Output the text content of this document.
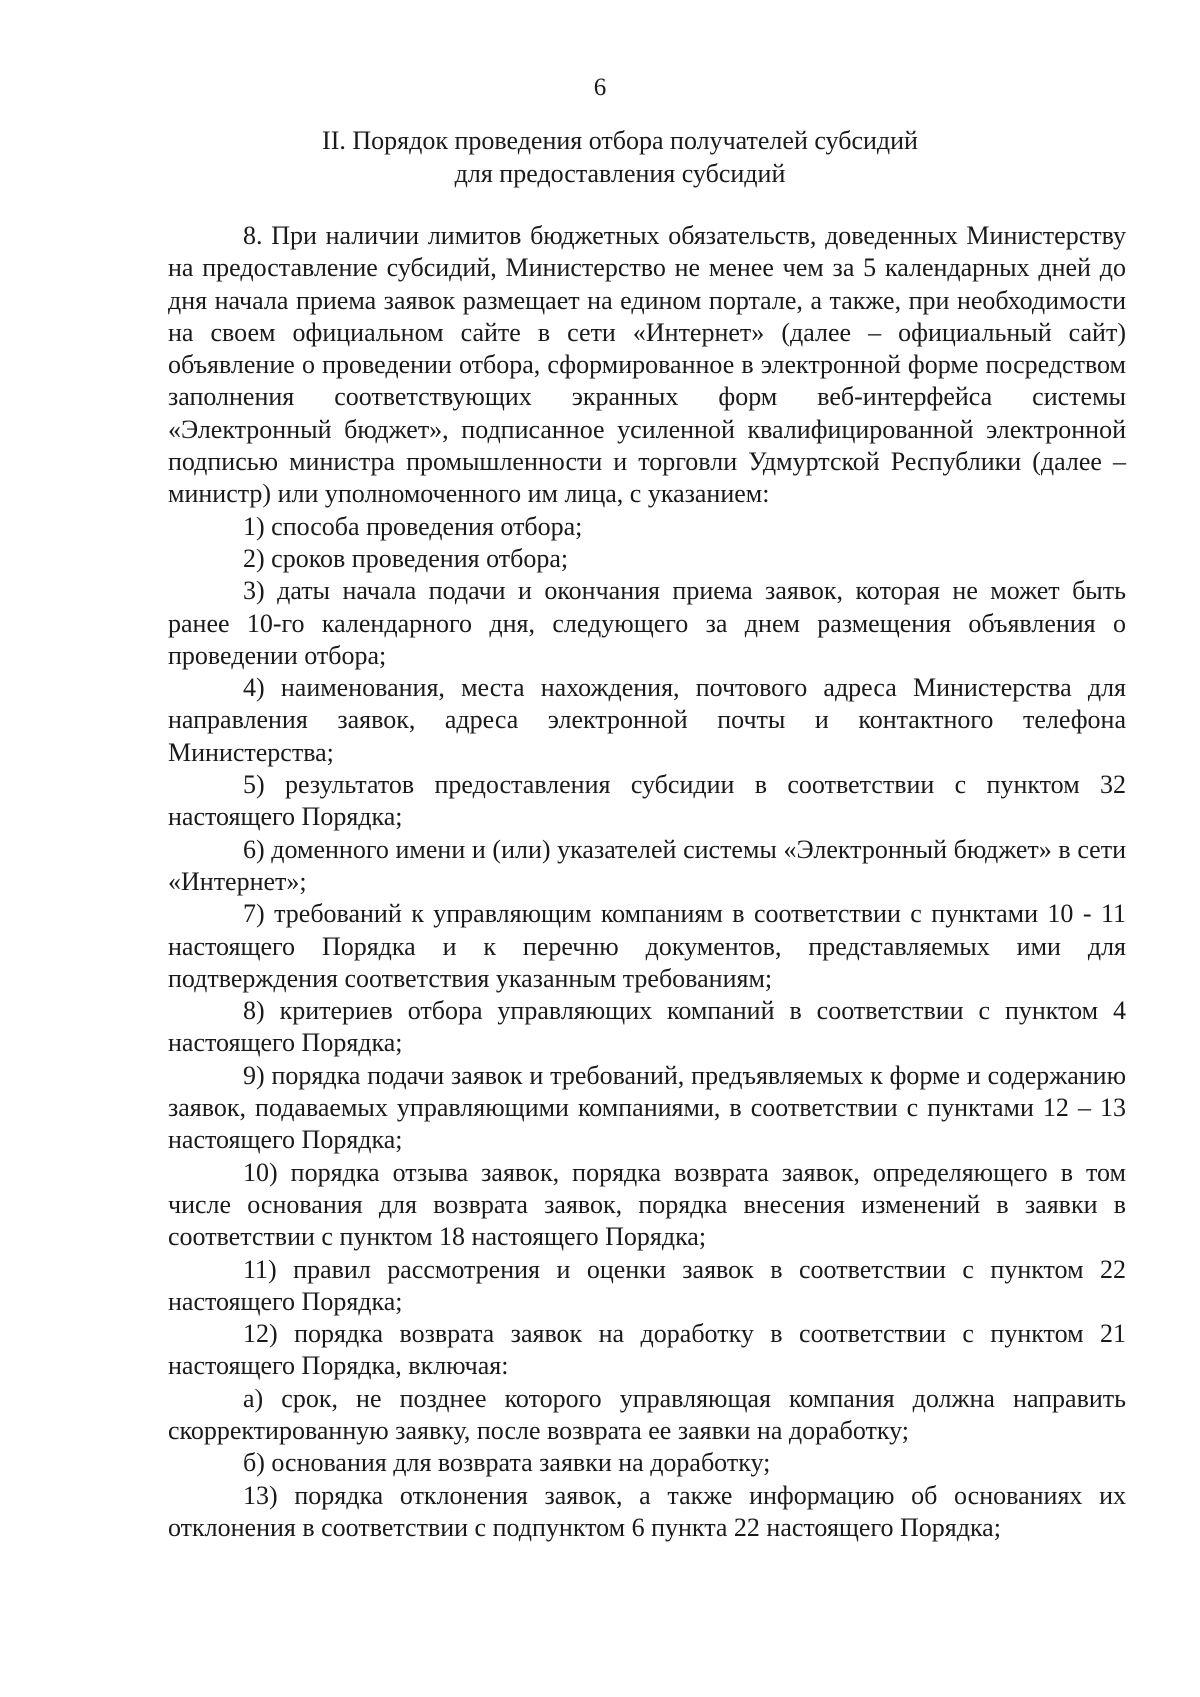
6
II. Порядок проведения отбора получателей субсидий
для предоставления субсидий

8. При наличии лимитов бюджетных обязательств, доведенных Министерству на предоставление субсидий, Министерство не менее чем за 5 календарных дней до дня начала приема заявок размещает на едином портале, а также, при необходимости на своем официальном сайте в сети «Интернет» (далее – официальный сайт) объявление о проведении отбора, сформированное в электронной форме посредством заполнения соответствующих экранных форм веб-интерфейса системы «Электронный бюджет», подписанное усиленной квалифицированной электронной подписью министра промышленности и торговли Удмуртской Республики (далее – министр) или уполномоченного им лица, с указанием:

1) способа проведения отбора;

2) сроков проведения отбора;

3) даты начала подачи и окончания приема заявок, которая не может быть ранее 10-го календарного дня, следующего за днем размещения объявления о проведении отбора;

4) наименования, места нахождения, почтового адреса Министерства для направления заявок, адреса электронной почты и контактного телефона Министерства;

5) результатов предоставления субсидии в соответствии с пунктом 32 настоящего Порядка;

6) доменного имени и (или) указателей системы «Электронный бюджет» в сети «Интернет»;

7) требований к управляющим компаниям в соответствии с пунктами 10 - 11 настоящего Порядка и к перечню документов, представляемых ими для подтверждения соответствия указанным требованиям;

8) критериев отбора управляющих компаний в соответствии с пунктом 4 настоящего Порядка;

9) порядка подачи заявок и требований, предъявляемых к форме и содержанию заявок, подаваемых управляющими компаниями, в соответствии с пунктами 12 – 13 настоящего Порядка;

10) порядка отзыва заявок, порядка возврата заявок, определяющего в том числе основания для возврата заявок, порядка внесения изменений в заявки в соответствии с пунктом 18 настоящего Порядка;

11) правил рассмотрения и оценки заявок в соответствии с пунктом 22 настоящего Порядка;

12) порядка возврата заявок на доработку в соответствии с пунктом 21 настоящего Порядка, включая:

а) срок, не позднее которого управляющая компания должна направить скорректированную заявку, после возврата ее заявки на доработку;

б) основания для возврата заявки на доработку;

13) порядка отклонения заявок, а также информацию об основаниях их отклонения в соответствии с подпунктом 6 пункта 22 настоящего Порядка;
